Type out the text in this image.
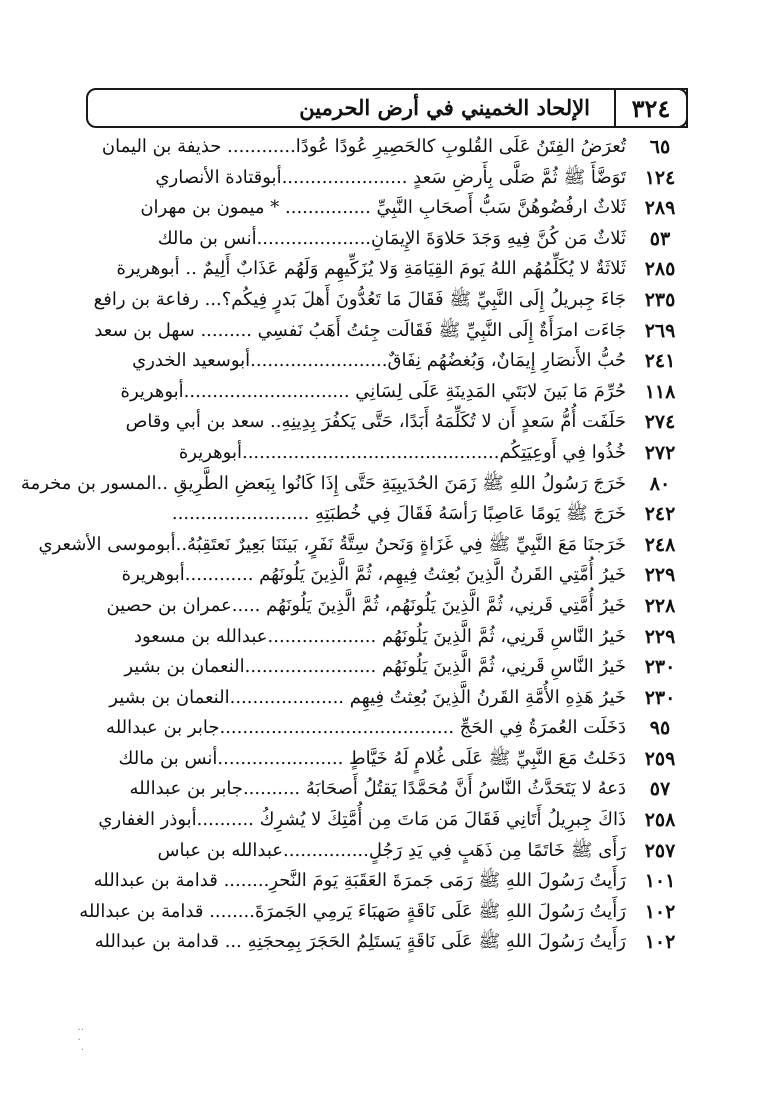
٣٢٤
الإلحاد الخميني في أرض الحرمين
٦٥
تُعرَضُ الفِتَنُ عَلَى القُلوبِ كالحَصِيرِ عُودًا عُودًا............ حذيفة بن اليمان
١٢٤
تَوَضَّأَ ﷺ ثُمَّ صَلَّى بِأَرضِ سَعدٍ ......................أبوقتادة الأنصاري
٢٨٩
ثَلاثٌ ارفُضُوهُنَّ سَبُّ أَصحَابِ النَّبِيِّ ............... * ميمون بن مهران
٥٣
ثَلاثٌ مَن كُنَّ فِيهِ وَجَدَ حَلاوَةَ الإِيمَانِ....................أنس بن مالك
٢٨٥
ثَلاثَةٌ لا يُكَلِّمُهُم اللهُ يَومَ القِيَامَةِ وَلا يُزَكِّيهِم وَلَهُم عَذَابٌ أَلِيمٌ .. أبوهريرة
٢٣٥
جَاءَ جِبريلُ إِلَى النَّبِيِّ ﷺ فَقَالَ مَا تَعُدُّونَ أَهلَ بَدرٍ فِيكُم؟... رفاعة بن رافع
٢٦٩
جَاءَت امرَأَةٌ إِلَى النَّبِيِّ ﷺ فَقَالَت جِئتُ أَهَبُ نَفسِي ......... سهل بن سعد
٢٤١
حُبُّ الأَنصَارِ إِيمَانٌ، وَبُغضُهُم نِفَاقٌ........................أبوسعيد الخدري
١١٨
حُرِّمَ مَا بَينَ لابَتَي المَدِينَةِ عَلَى لِسَانِي .............................أبوهريرة
٢٧٤
حَلَفَت أُمُّ سَعدٍ أَن لا تُكَلِّمَهُ أَبَدًا، حَتَّى يَكفُرَ بِدِينِهِ.. سعد بن أبي وقاص
٢٧٢
خُذُوا فِي أَوعِيَتِكُم.............................................أبوهريرة
٨٠
خَرَجَ رَسُولُ اللهِ ﷺ زَمَنَ الحُدَيبِيَةِ حَتَّى إِذَا كَانُوا بِبَعضِ الطَّرِيقِ ..المسور بن مخرمة
٢٤٢
خَرَجَ ﷺ يَومًا عَاصِبًا رَأسَهُ فَقَالَ فِي خُطبَتِهِ ........................
٢٤٨
خَرَجنَا مَعَ النَّبِيِّ ﷺ فِي غَزَاةٍ وَنَحنُ سِتَّةُ نَفَرٍ، بَينَنَا بَعِيرٌ نَعتَقِبُهُ..أبوموسى الأشعري
٢٢٩
خَيرُ أُمَّتِي القَرنُ الَّذِينَ بُعِثتُ فِيهِم، ثُمَّ الَّذِينَ يَلُونَهُم ............أبوهريرة
٢٢٨
خَيرُ أُمَّتِي قَرنِي، ثُمَّ الَّذِينَ يَلُونَهُم، ثُمَّ الَّذِينَ يَلُونَهُم .....عمران بن حصين
٢٢٩
خَيرُ النَّاسِ قَرنِي، ثُمَّ الَّذِينَ يَلُونَهُم ...................عبدالله بن مسعود
٢٣٠
خَيرُ النَّاسِ قَرنِي، ثُمَّ الَّذِينَ يَلُونَهُم .......................النعمان بن بشير
٢٣٠
خَيرُ هَذِهِ الأُمَّةِ القَرنُ الَّذِينَ بُعِثتُ فِيهِم ....................النعمان بن بشير
٩٥
دَخَلَت العُمرَةُ فِي الحَجِّ .........................................جابر بن عبدالله
٢٥٩
دَخَلتُ مَعَ النَّبِيِّ ﷺ عَلَى غُلامٍ لَهُ خَيَّاطٍ ......................أنس بن مالك
٥٧
دَعهُ لا يَتَحَدَّثُ النَّاسُ أَنَّ مُحَمَّدًا يَقتُلُ أَصحَابَهُ ..........جابر بن عبدالله
٢٥٨
ذَاكَ جِبرِيلُ أَتَانِي فَقَالَ مَن مَاتَ مِن أُمَّتِكَ لا يُشرِكُ ..........أبوذر الغفاري
٢٥٧
رَأَى ﷺ خَاتَمًا مِن ذَهَبٍ فِي يَدِ رَجُلٍ...............عبدالله بن عباس
١٠١
رَأَيتُ رَسُولَ اللهِ ﷺ رَمَى جَمرَةَ العَقَبَةِ يَومَ النَّحرِ........ قدامة بن عبدالله
١٠٢
رَأَيتُ رَسُولَ اللهِ ﷺ عَلَى نَاقَةٍ صَهبَاءَ يَرمِي الجَمرَةَ........ قدامة بن عبدالله
١٠٢
رَأَيتُ رَسُولَ اللهِ ﷺ عَلَى نَاقَةٍ يَستَلِمُ الحَجَرَ بِمِحجَنِهِ ... قدامة بن عبدالله
··
·
·
